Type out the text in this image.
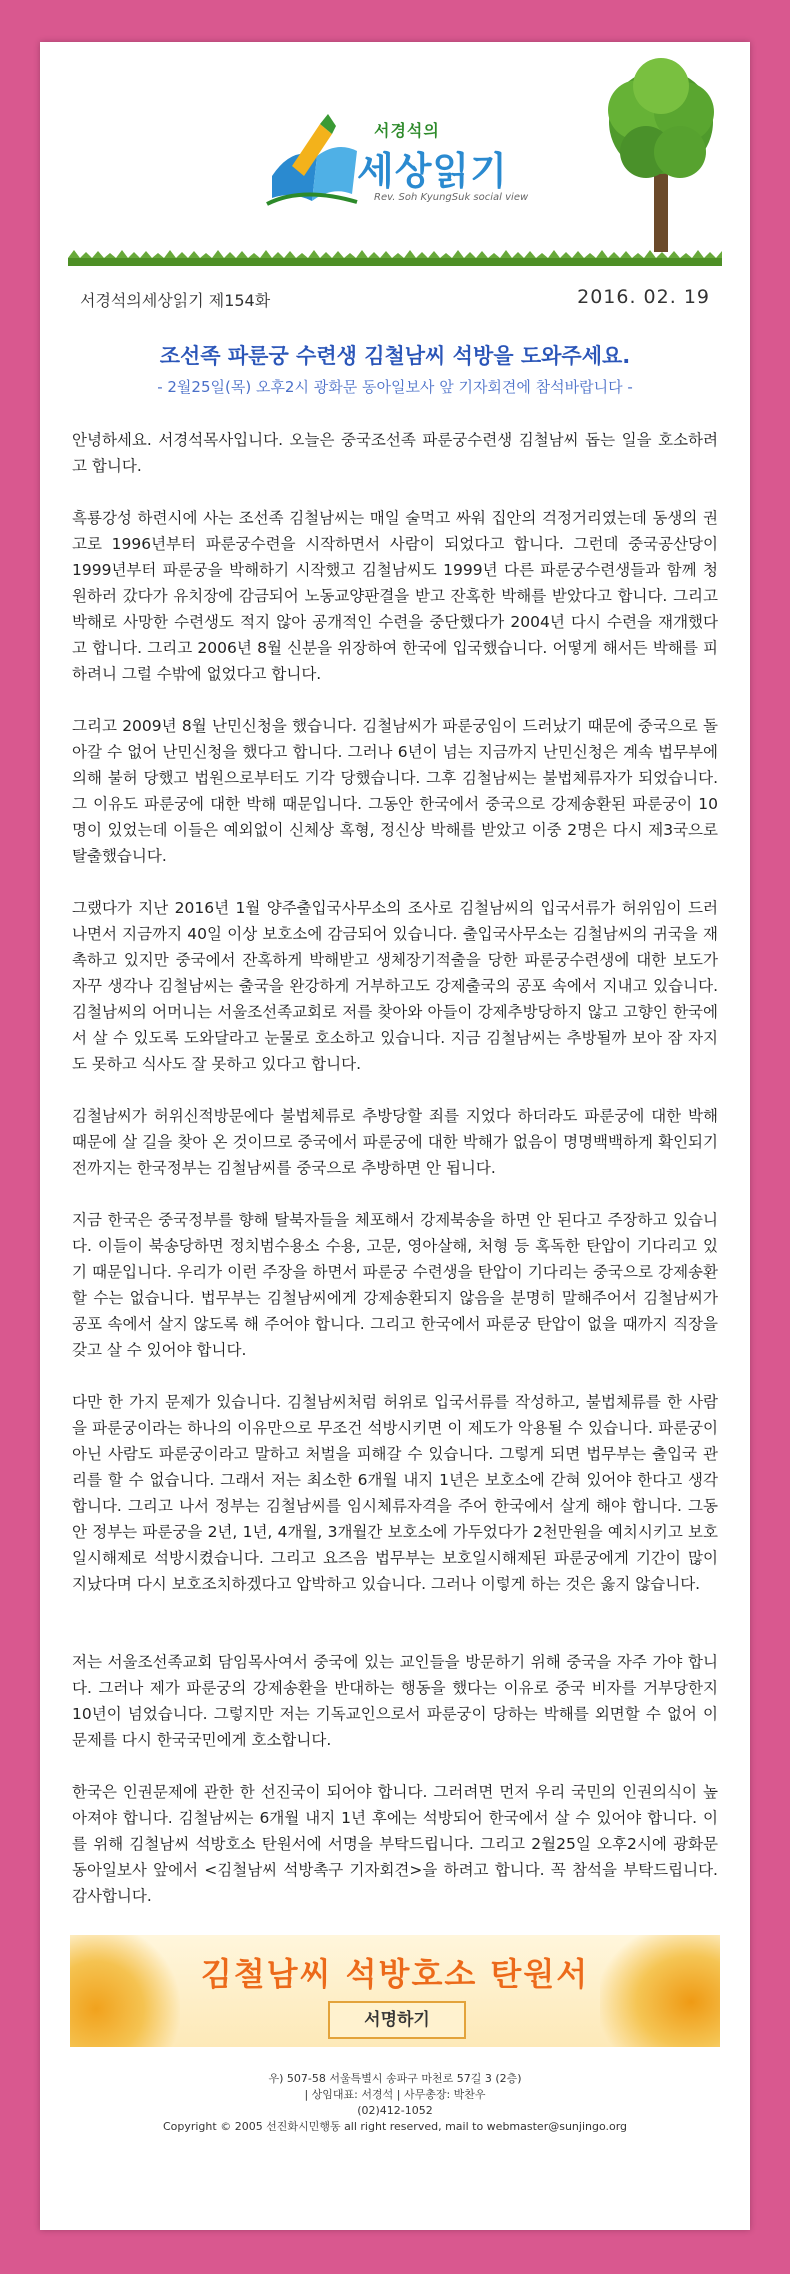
서경석의
세상읽기
Rev. Soh KyungSuk social view
서경석의세상읽기 제154화	2016. 02. 19
조선족 파룬궁 수련생 김철남씨 석방을 도와주세요.
- 2월25일(목) 오후2시 광화문 동아일보사 앞 기자회견에 참석바랍니다 -

안녕하세요. 서경석목사입니다. 오늘은 중국조선족 파룬궁수련생 김철남씨 돕는 일을 호소하려고 합니다.

흑룡강성 하련시에 사는 조선족 김철남씨는 매일 술먹고 싸워 집안의 걱정거리였는데 동생의 권고로 1996년부터 파룬궁수련을 시작하면서 사람이 되었다고 합니다. 그런데 중국공산당이 1999년부터 파룬궁을 박해하기 시작했고 김철남씨도 1999년 다른 파룬궁수련생들과 함께 청원하러 갔다가 유치장에 감금되어 노동교양판결을 받고 잔혹한 박해를 받았다고 합니다. 그리고 박해로 사망한 수련생도 적지 않아 공개적인 수련을 중단했다가 2004년 다시 수련을 재개했다고 합니다. 그리고 2006년 8월 신분을 위장하여 한국에 입국했습니다. 어떻게 해서든 박해를 피하려니 그럴 수밖에 없었다고 합니다.

그리고 2009년 8월 난민신청을 했습니다. 김철남씨가 파룬궁임이 드러났기 때문에 중국으로 돌아갈 수 없어 난민신청을 했다고 합니다. 그러나 6년이 넘는 지금까지 난민신청은 계속 법무부에 의해 불허 당했고 법원으로부터도 기각 당했습니다. 그후 김철남씨는 불법체류자가 되었습니다. 그 이유도 파룬궁에 대한 박해 때문입니다. 그동안 한국에서 중국으로 강제송환된 파룬궁이 10명이 있었는데 이들은 예외없이 신체상 혹형, 정신상 박해를 받았고 이중 2명은 다시 제3국으로 탈출했습니다.

그랬다가 지난 2016년 1월 양주출입국사무소의 조사로 김철남씨의 입국서류가 허위임이 드러나면서 지금까지 40일 이상 보호소에 감금되어 있습니다. 출입국사무소는 김철남씨의 귀국을 재촉하고 있지만 중국에서 잔혹하게 박해받고 생체장기적출을 당한 파룬궁수련생에 대한 보도가 자꾸 생각나 김철남씨는 출국을 완강하게 거부하고도 강제출국의 공포 속에서 지내고 있습니다. 김철남씨의 어머니는 서울조선족교회로 저를 찾아와 아들이 강제추방당하지 않고 고향인 한국에서 살 수 있도록 도와달라고 눈물로 호소하고 있습니다. 지금 김철남씨는 추방될까 보아 잠 자지도 못하고 식사도 잘 못하고 있다고 합니다.

김철남씨가 허위신적방문에다 불법체류로 추방당할 죄를 지었다 하더라도 파룬궁에 대한 박해 때문에 살 길을 찾아 온 것이므로 중국에서 파룬궁에 대한 박해가 없음이 명명백백하게 확인되기 전까지는 한국정부는 김철남씨를 중국으로 추방하면 안 됩니다.

지금 한국은 중국정부를 향해 탈북자들을 체포해서 강제북송을 하면 안 된다고 주장하고 있습니다. 이들이 북송당하면 정치범수용소 수용, 고문, 영아살해, 처형 등 혹독한 탄압이 기다리고 있기 때문입니다. 우리가 이런 주장을 하면서 파룬궁 수련생을 탄압이 기다리는 중국으로 강제송환할 수는 없습니다. 법무부는 김철남씨에게 강제송환되지 않음을 분명히 말해주어서 김철남씨가 공포 속에서 살지 않도록 해 주어야 합니다. 그리고 한국에서 파룬궁 탄압이 없을 때까지 직장을 갖고 살 수 있어야 합니다.

다만 한 가지 문제가 있습니다. 김철남씨처럼 허위로 입국서류를 작성하고, 불법체류를 한 사람을 파룬궁이라는 하나의 이유만으로 무조건 석방시키면 이 제도가 악용될 수 있습니다. 파룬궁이 아닌 사람도 파룬궁이라고 말하고 처벌을 피해갈 수 있습니다. 그렇게 되면 법무부는 출입국 관리를 할 수 없습니다. 그래서 저는 최소한 6개월 내지 1년은 보호소에 갇혀 있어야 한다고 생각합니다. 그리고 나서 정부는 김철남씨를 임시체류자격을 주어 한국에서 살게 해야 합니다. 그동안 정부는 파룬궁을 2년, 1년, 4개월, 3개월간 보호소에 가두었다가 2천만원을 예치시키고 보호일시해제로 석방시켰습니다. 그리고 요즈음 법무부는 보호일시해제된 파룬궁에게 기간이 많이 지났다며 다시 보호조치하겠다고 압박하고 있습니다. 그러나 이렇게 하는 것은 옳지 않습니다.

저는 서울조선족교회 담임목사여서 중국에 있는 교인들을 방문하기 위해 중국을 자주 가야 합니다. 그러나 제가 파룬궁의 강제송환을 반대하는 행동을 했다는 이유로 중국 비자를 거부당한지 10년이 넘었습니다. 그렇지만 저는 기독교인으로서 파룬궁이 당하는 박해를 외면할 수 없어 이 문제를 다시 한국국민에게 호소합니다.

한국은 인권문제에 관한 한 선진국이 되어야 합니다. 그러려면 먼저 우리 국민의 인권의식이 높아져야 합니다. 김철남씨는 6개월 내지 1년 후에는 석방되어 한국에서 살 수 있어야 합니다. 이를 위해 김철남씨 석방호소 탄원서에 서명을 부탁드립니다. 그리고 2월25일 오후2시에 광화문 동아일보사 앞에서 <김철남씨 석방촉구 기자회견>을 하려고 합니다. 꼭 참석을 부탁드립니다. 감사합니다.

김철남씨 석방호소 탄원서
서명하기
우) 507-58 서울특별시 송파구 마천로 57길 3 (2층)
| 상임대표: 서경석 | 사무총장: 박찬우
(02)412-1052
Copyright © 2005 선진화시민행동 all right reserved, mail to webmaster@sunjingo.org
